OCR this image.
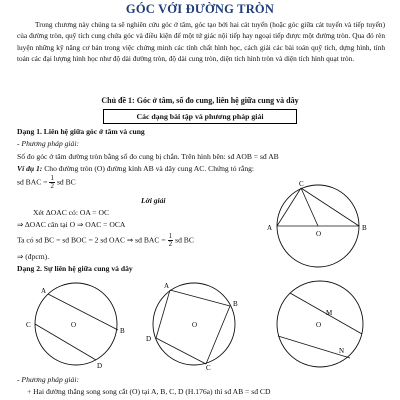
GÓC VỚI ĐƯỜNG TRÒN

Trong chương này chúng ta sẽ nghiên cứu góc ở tâm, góc tạo bởi hai cát tuyến (hoặc góc giữa cát tuyến và tiếp tuyến) của đường tròn, quỹ tích cung chứa góc và điều kiện để một tứ giác nội tiếp hay ngoại tiếp được một đường tròn. Qua đó rèn luyện những kỹ năng cơ bản trong việc chứng minh các tính chất hình học, cách giải các bài toán quỹ tích, dựng hình, tính toán các đại lượng hình học như độ dài đường tròn, độ dài cung tròn, diện tích hình tròn và diện tích hình quạt tròn.

Chủ đề 1: Góc ở tâm, số đo cung, liên hệ giữa cung và dây
Các dạng bài tập và phương pháp giải
Dạng 1. Liên hệ giữa góc ở tâm và cung
- Phương pháp giải:
Số đo góc ở tâm đường tròn bằng số đo cung bị chắn. Trên hình bên: sđ AOB = sđ AB
Ví dụ 1: Cho đường tròn (O) đường kính AB và dây cung AC. Chứng tỏ rằng:
sđ BAC = $\frac{1}{2}$ sđ BC
Lời giải
Xét ΔOAC có: OA = OC
⇒ ΔOAC cân tại O ⇒ OAC = OCA
Ta có sđ BC = sđ BOC = 2 sđ OAC ⇒ sđ BAC = $\frac{1}{2}$ sđ BC
⇒ (đpcm).
Dạng 2. Sự liên hệ giữa cung và dây
- Phương pháp giải:
+ Hai đường thẳng song song cắt (O) tại A, B, C, D (H.176a) thì sđ AB = sđ CD
A	B
C
O
O
A
B
C
D
O
A
B
C
D
O
M
N
